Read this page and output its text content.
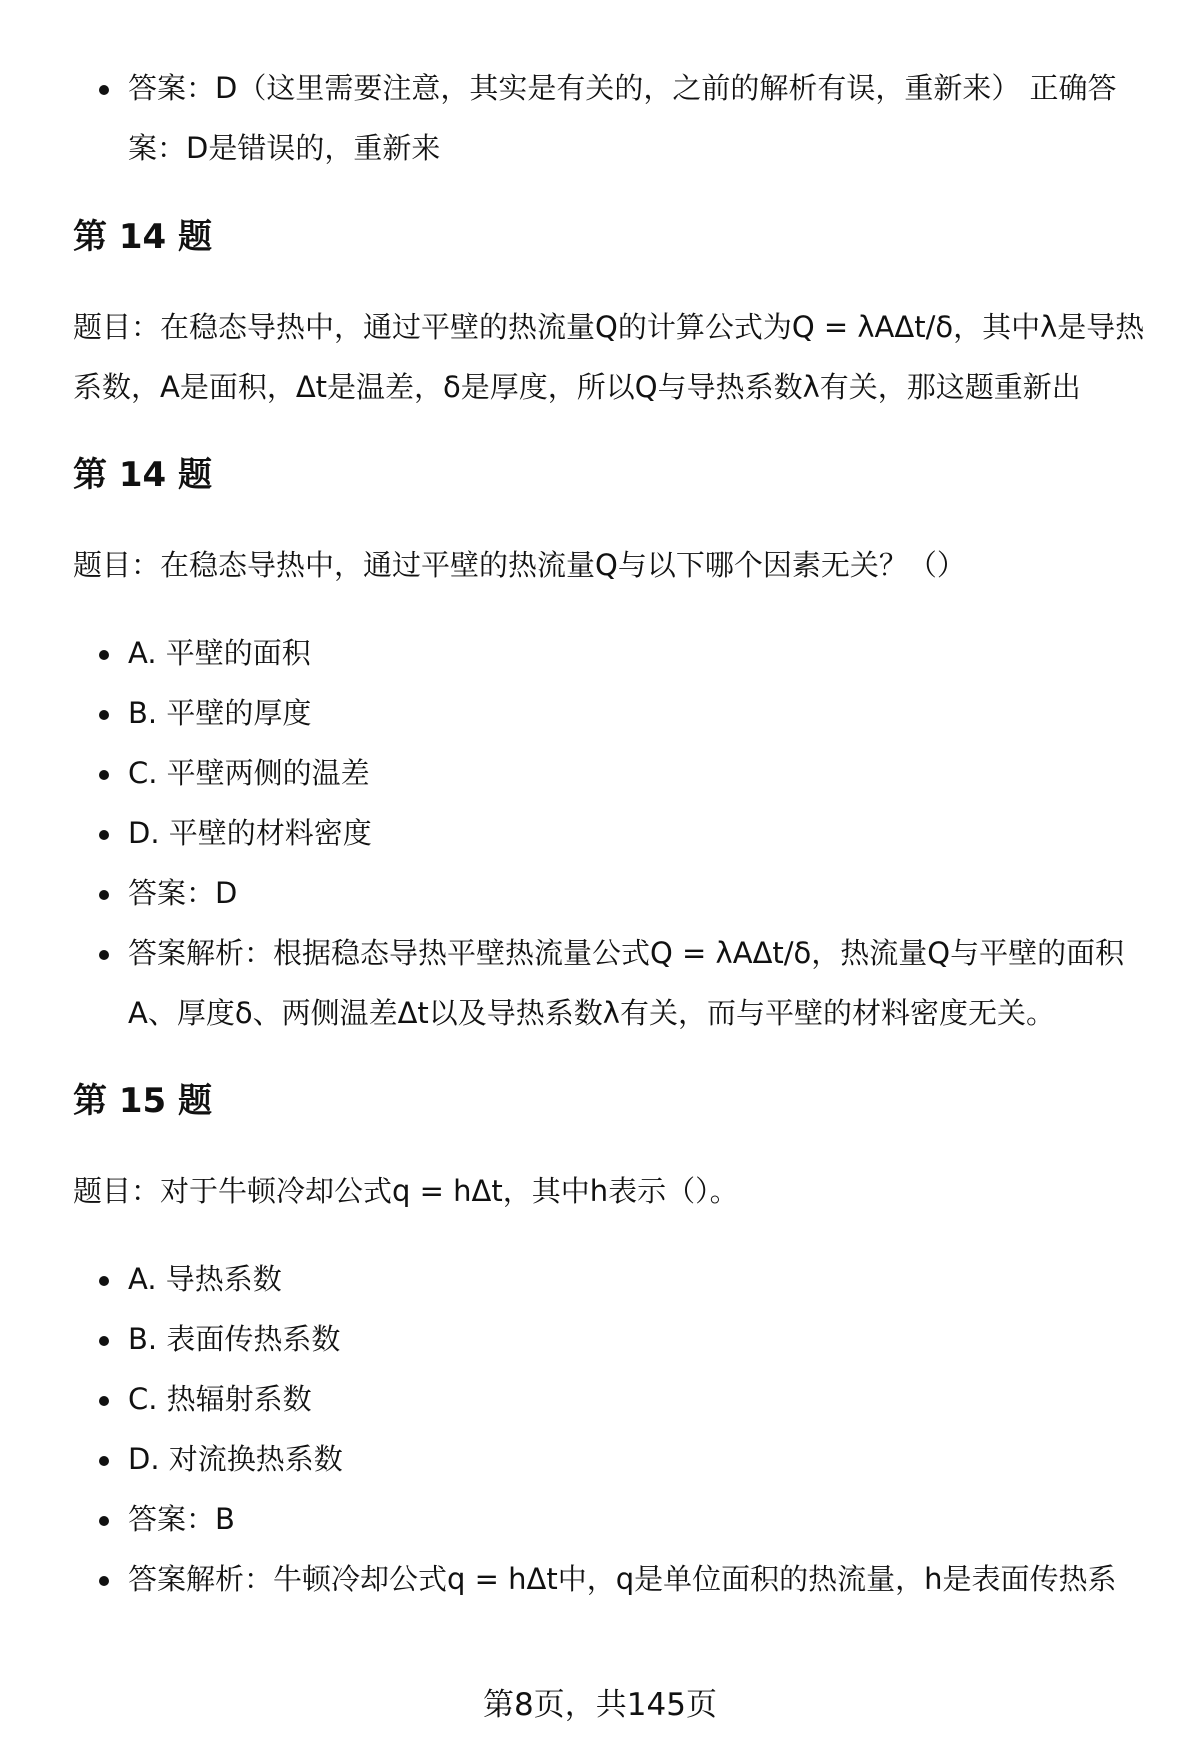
答案：D（这里需要注意，其实是有关的，之前的解析有误，重新来） 正确答案：D是错误的，重新来
第 14 题

题目：在稳态导热中，通过平壁的热流量Q的计算公式为Q = λAΔt/δ，其中λ是导热系数，A是面积，Δt是温差，δ是厚度，所以Q与导热系数λ有关，那这题重新出

第 14 题

题目：在稳态导热中，通过平壁的热流量Q与以下哪个因素无关？（）

A. 平壁的面积
B. 平壁的厚度
C. 平壁两侧的温差
D. 平壁的材料密度
答案：D
答案解析：根据稳态导热平壁热流量公式Q = λAΔt/δ，热流量Q与平壁的面积A、厚度δ、两侧温差Δt以及导热系数λ有关，而与平壁的材料密度无关。
第 15 题

题目：对于牛顿冷却公式q = hΔt，其中h表示（）。

A. 导热系数
B. 表面传热系数
C. 热辐射系数
D. 对流换热系数
答案：B
答案解析：牛顿冷却公式q = hΔt中，q是单位面积的热流量，h是表面传热系
第8页，共145页
